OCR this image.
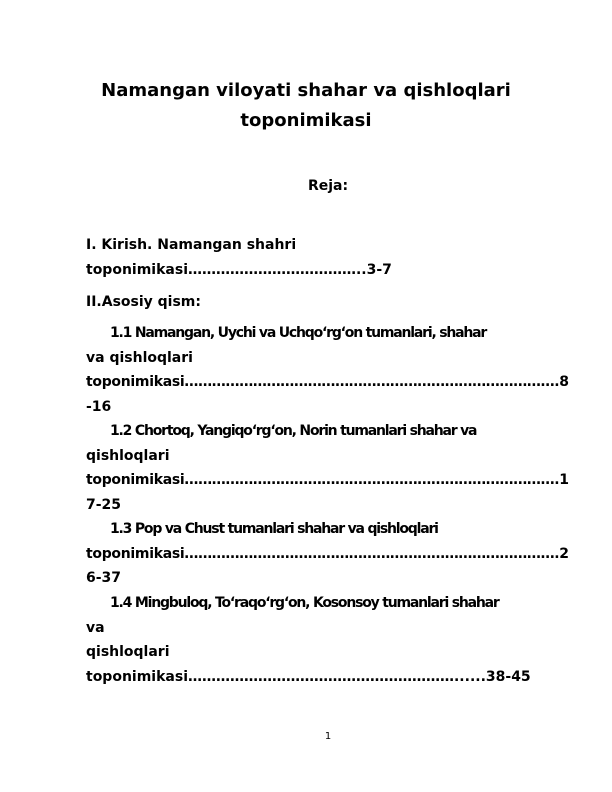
Namangan viloyati shahar va qishloqlari
toponimikasi

Reja:

I. Kirish. Namangan shahri
toponimikasi………………………………..3-7

II.Asosiy qism:

1.1 Namangan, Uychi va Uchqo‘rg‘on tumanlari, shahar
va qishloqlari
toponimikasi……………………………………………………………………….8
-16

1.2 Chortoq, Yangiqo‘rg‘on, Norin tumanlari shahar va
qishloqlari
toponimikasi……………………………………………………………………….1
7-25

1.3 Pop va Chust tumanlari shahar va qishloqlari
toponimikasi……………………………………………………………………….2
6-37

1.4 Mingbuloq, To‘raqo‘rg‘on, Kosonsoy tumanlari shahar
va
qishloqlari
toponimikasi…………………………………………………......38-45

1
